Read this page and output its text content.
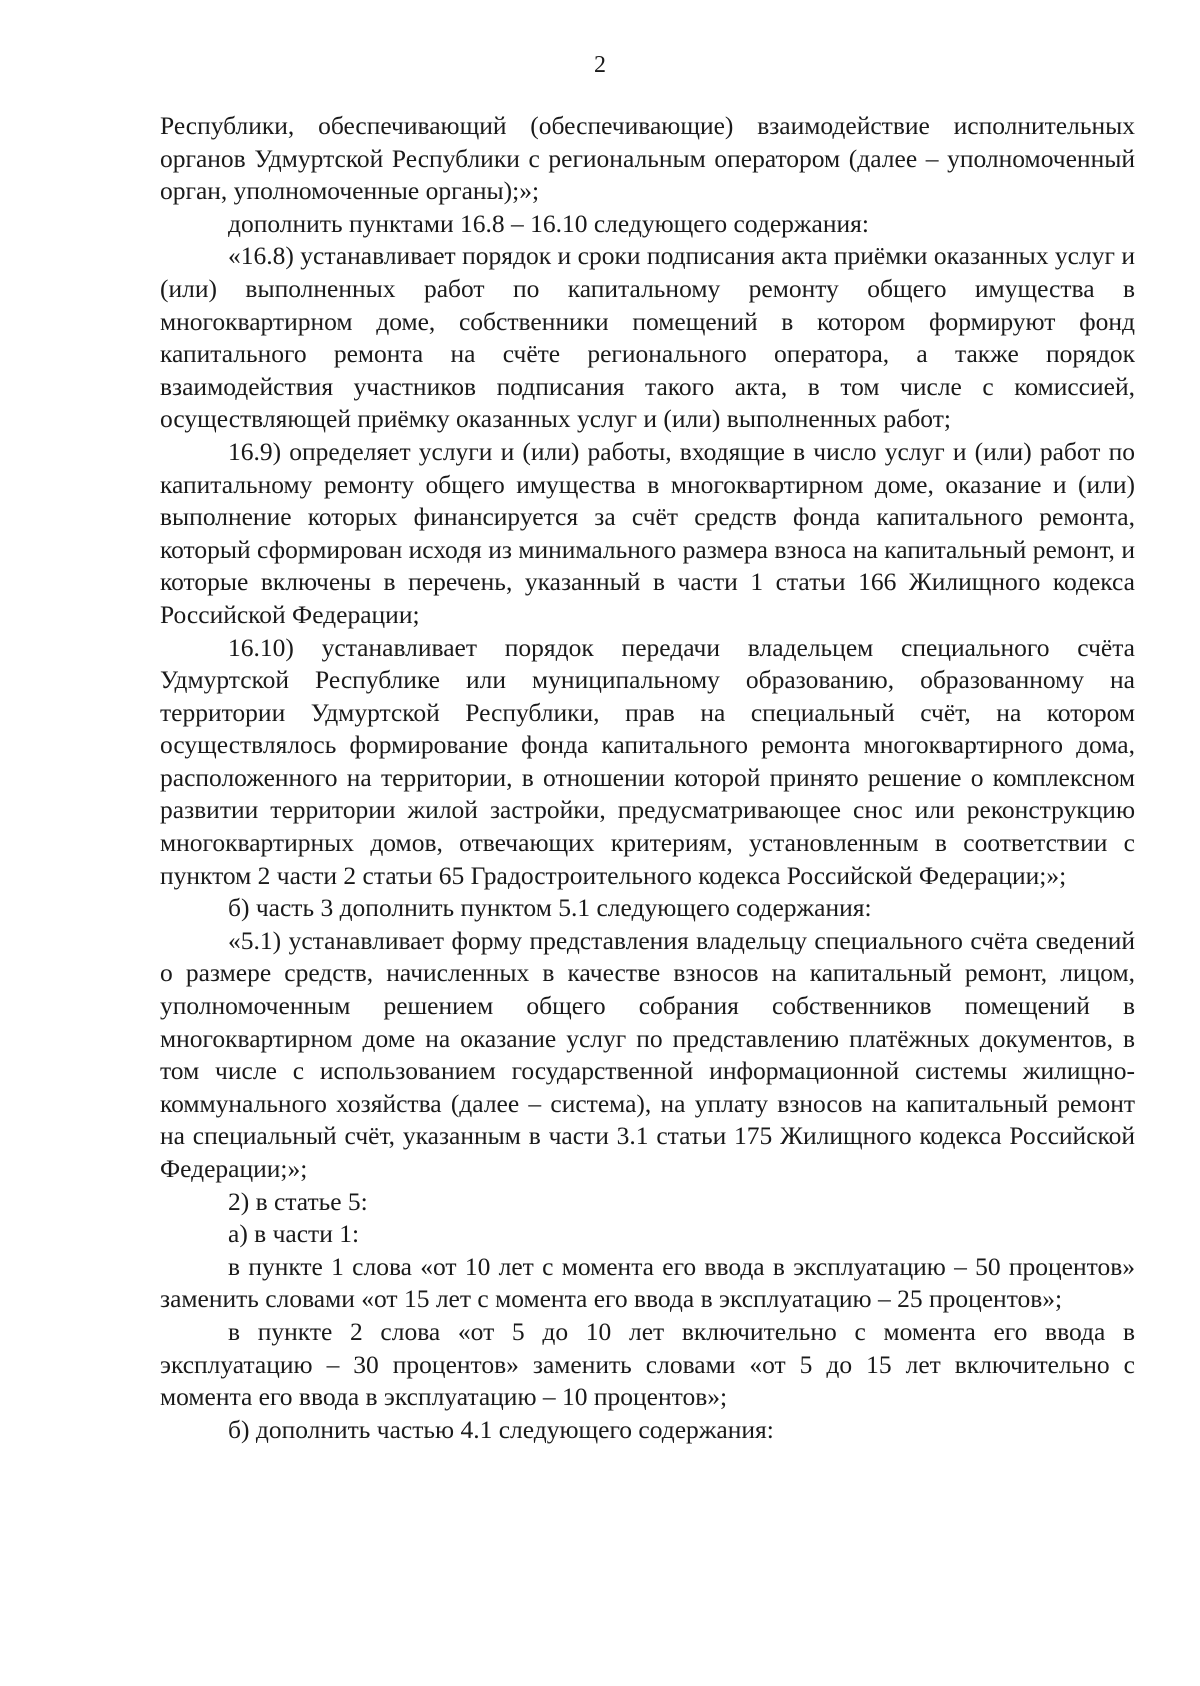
2

Республики, обеспечивающий (обеспечивающие) взаимодействие исполнительных органов Удмуртской Республики с региональным оператором (далее – уполномоченный орган, уполномоченные органы);»;

дополнить пунктами 16.8 – 16.10 следующего содержания:

«16.8) устанавливает порядок и сроки подписания акта приёмки оказанных услуг и (или) выполненных работ по капитальному ремонту общего имущества в многоквартирном доме, собственники помещений в котором формируют фонд капитального ремонта на счёте регионального оператора, а также порядок взаимодействия участников подписания такого акта, в том числе с комиссией, осуществляющей приёмку оказанных услуг и (или) выполненных работ;

16.9) определяет услуги и (или) работы, входящие в число услуг и (или) работ по капитальному ремонту общего имущества в многоквартирном доме, оказание и (или) выполнение которых финансируется за счёт средств фонда капитального ремонта, который сформирован исходя из минимального размера взноса на капитальный ремонт, и которые включены в перечень, указанный в части 1 статьи 166 Жилищного кодекса Российской Федерации;

16.10) устанавливает порядок передачи владельцем специального счёта Удмуртской Республике или муниципальному образованию, образованному на территории Удмуртской Республики, прав на специальный счёт, на котором осуществлялось формирование фонда капитального ремонта многоквартирного дома, расположенного на территории, в отношении которой принято решение о комплексном развитии территории жилой застройки, предусматривающее снос или реконструкцию многоквартирных домов, отвечающих критериям, установленным в соответствии с пунктом 2 части 2 статьи 65 Градостроительного кодекса Российской Федерации;»;

б) часть 3 дополнить пунктом 5.1 следующего содержания:

«5.1) устанавливает форму представления владельцу специального счёта сведений о размере средств, начисленных в качестве взносов на капитальный ремонт, лицом, уполномоченным решением общего собрания собственников помещений в многоквартирном доме на оказание услуг по представлению платёжных документов, в том числе с использованием государственной информационной системы жилищно-коммунального хозяйства (далее – система), на уплату взносов на капитальный ремонт на специальный счёт, указанным в части 3.1 статьи 175 Жилищного кодекса Российской Федерации;»;

2) в статье 5:

а) в части 1:

в пункте 1 слова «от 10 лет с момента его ввода в эксплуатацию – 50 процентов» заменить словами «от 15 лет с момента его ввода в эксплуатацию – 25 процентов»;

в пункте 2 слова «от 5 до 10 лет включительно с момента его ввода в эксплуатацию – 30 процентов» заменить словами «от 5 до 15 лет включительно с момента его ввода в эксплуатацию – 10 процентов»;

б) дополнить частью 4.1 следующего содержания:
